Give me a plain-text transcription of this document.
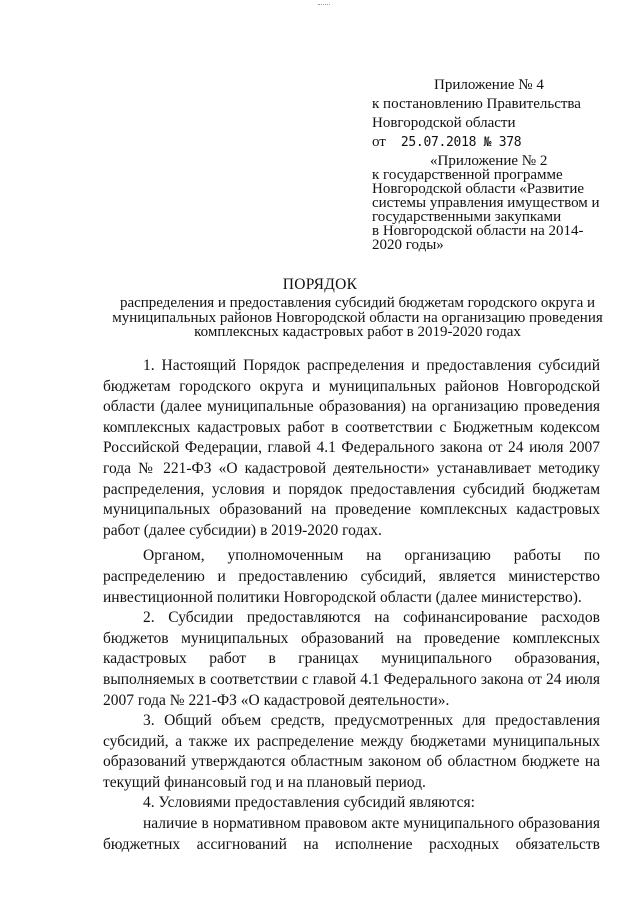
Приложение № 4
к постановлению Правительства
Новгородской области
от 25.07.2018 № 378
«Приложение № 2
к государственной программе
Новгородской области «Развитие
системы управления имуществом и
государственными закупками
в Новгородской области на 2014-
2020 годы»
ПОРЯДОК
распределения и предоставления субсидий бюджетам городского округа и
муниципальных районов Новгородской области на организацию проведения
комплексных кадастровых работ в 2019-2020 годах

1. Настоящий Порядок распределения и предоставления субсидий бюджетам городского округа и муниципальных районов Новгородской области (далее муниципальные образования) на организацию проведения комплексных кадастровых работ в соответствии с Бюджетным кодексом Российской Федерации, главой 4.1 Федерального закона от 24 июля 2007 года № 221-ФЗ «О кадастровой деятельности» устанавливает методику распределения, условия и порядок предоставления субсидий бюджетам муниципальных образований на проведение комплексных кадастровых работ (далее субсидии) в 2019-2020 годах.

Органом, уполномоченным на организацию работы по распределению и предоставлению субсидий, является министерство инвестиционной политики Новгородской области (далее министерство).

2. Субсидии предоставляются на софинансирование расходов бюджетов муниципальных образований на проведение комплексных кадастровых работ в границах муниципального образования, выполняемых в соответствии с главой 4.1 Федерального закона от 24 июля 2007 года № 221-ФЗ «О кадастровой деятельности».

3. Общий объем средств, предусмотренных для предоставления субсидий, а также их распределение между бюджетами муниципальных образований утверждаются областным законом об областном бюджете на текущий финансовый год и на плановый период.

4. Условиями предоставления субсидий являются:

наличие в нормативном правовом акте муниципального образования бюджетных ассигнований на исполнение расходных обязательств
